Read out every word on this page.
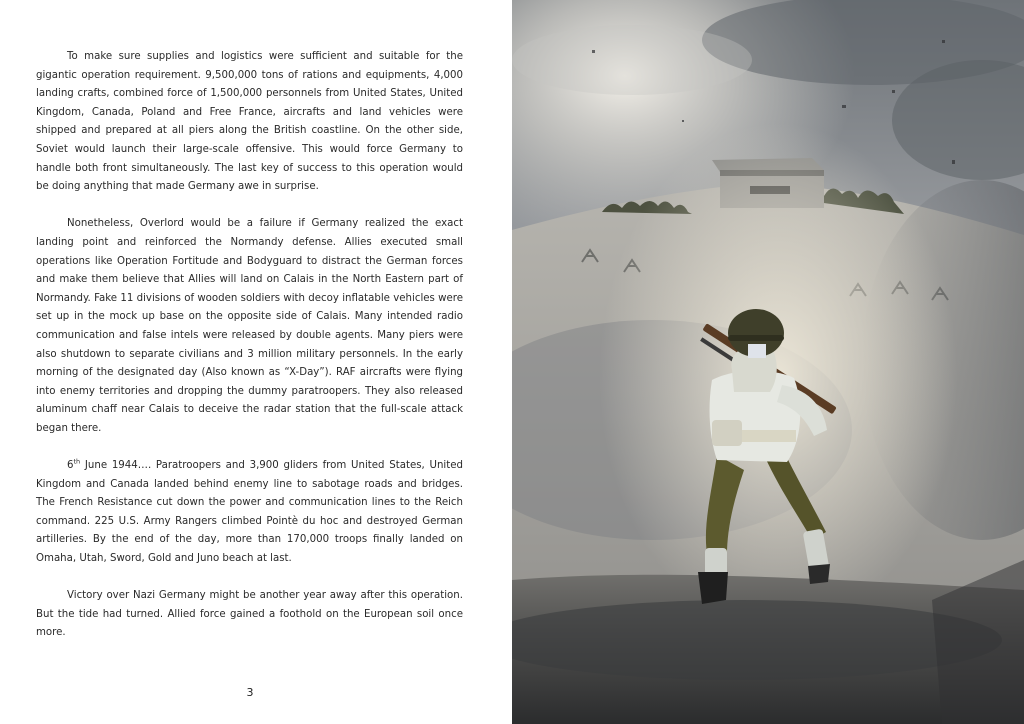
To make sure supplies and logistics were sufficient and suitable for the gigantic operation requirement. 9,500,000 tons of rations and equipments, 4,000 landing crafts, combined force of 1,500,000 personnels from United States, United Kingdom, Canada, Poland and Free France, aircrafts and land vehicles were shipped and prepared at all piers along the British coastline. On the other side, Soviet would launch their large-scale offensive. This would force Germany to handle both front simultaneously. The last key of success to this operation would be doing anything that made Germany awe in surprise.

Nonetheless, Overlord would be a failure if Germany realized the exact landing point and reinforced the Normandy defense. Allies executed small operations like Operation Fortitude and Bodyguard to distract the German forces and make them believe that Allies will land on Calais in the North Eastern part of Normandy. Fake 11 divisions of wooden soldiers with decoy inflatable vehicles were set up in the mock up base on the opposite side of Calais. Many intended radio communication and false intels were released by double agents. Many piers were also shutdown to separate civilians and 3 million military personnels. In the early morning of the designated day (Also known as “X-Day”). RAF aircrafts were flying into enemy territories and dropping the dummy paratroopers. They also released aluminum chaff near Calais to deceive the radar station that the full-scale attack began there.

6th June 1944…. Paratroopers and 3,900 gliders from United States, United Kingdom and Canada landed behind enemy line to sabotage roads and bridges. The French Resistance cut down the power and communication lines to the Reich command. 225 U.S. Army Rangers climbed Pointè du hoc and destroyed German artilleries. By the end of the day, more than 170,000 troops finally landed on Omaha, Utah, Sword, Gold and Juno beach at last.

Victory over Nazi Germany might be another year away after this operation. But the tide had turned. Allied force gained a foothold on the European soil once more.

3
